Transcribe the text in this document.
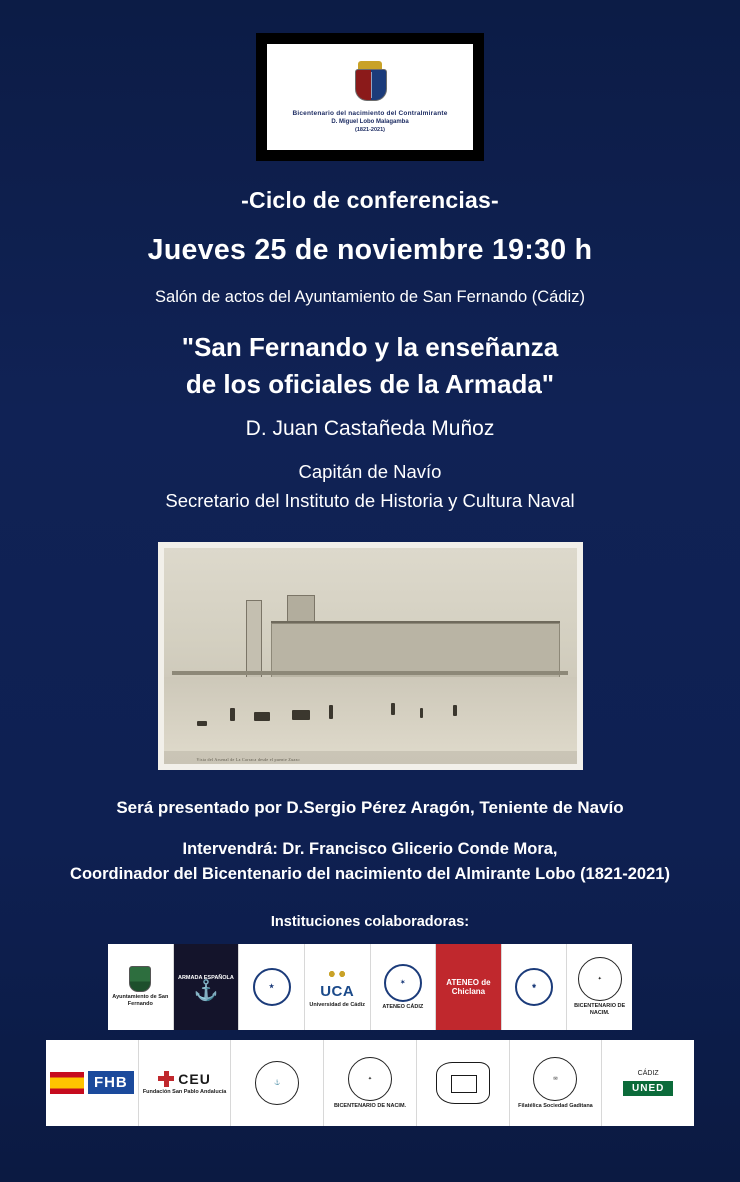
Bicentenario del nacimiento del Contralmirante
D. Miguel Lobo Malagamba
(1821-2021)
-Ciclo de conferencias-
Jueves 25 de noviembre 19:30 h
Salón de actos del Ayuntamiento de San Fernando (Cádiz)
"San Fernando y la enseñanza
de los oficiales de la Armada"
D. Juan Castañeda Muñoz
Capitán de Navío
Secretario del Instituto de Historia y Cultura Naval
Vista del Arsenal de La Carraca desde el puente Zuazo
Será presentado por D.Sergio Pérez Aragón, Teniente de Navío
Intervendrá: Dr. Francisco Glicerio Conde Mora,
Coordinador del Bicentenario del nacimiento del Almirante Lobo (1821-2021)
Instituciones colaboradoras:
Ayuntamiento de San Fernando
ARMADA ESPAÑOLA
⚓	★	UCA
Universidad de Cádiz
✶
ATENEO CÁDIZ
ATENEO de Chiclana	⚜
✦
BICENTENARIO DE NACIM.
FHB	CEU
Fundación San Pablo Andalucía
⚓
✦
BICENTENARIO DE NACIM.
✉
Filatélica Sociedad Gaditana
CÁDIZ
UNED
